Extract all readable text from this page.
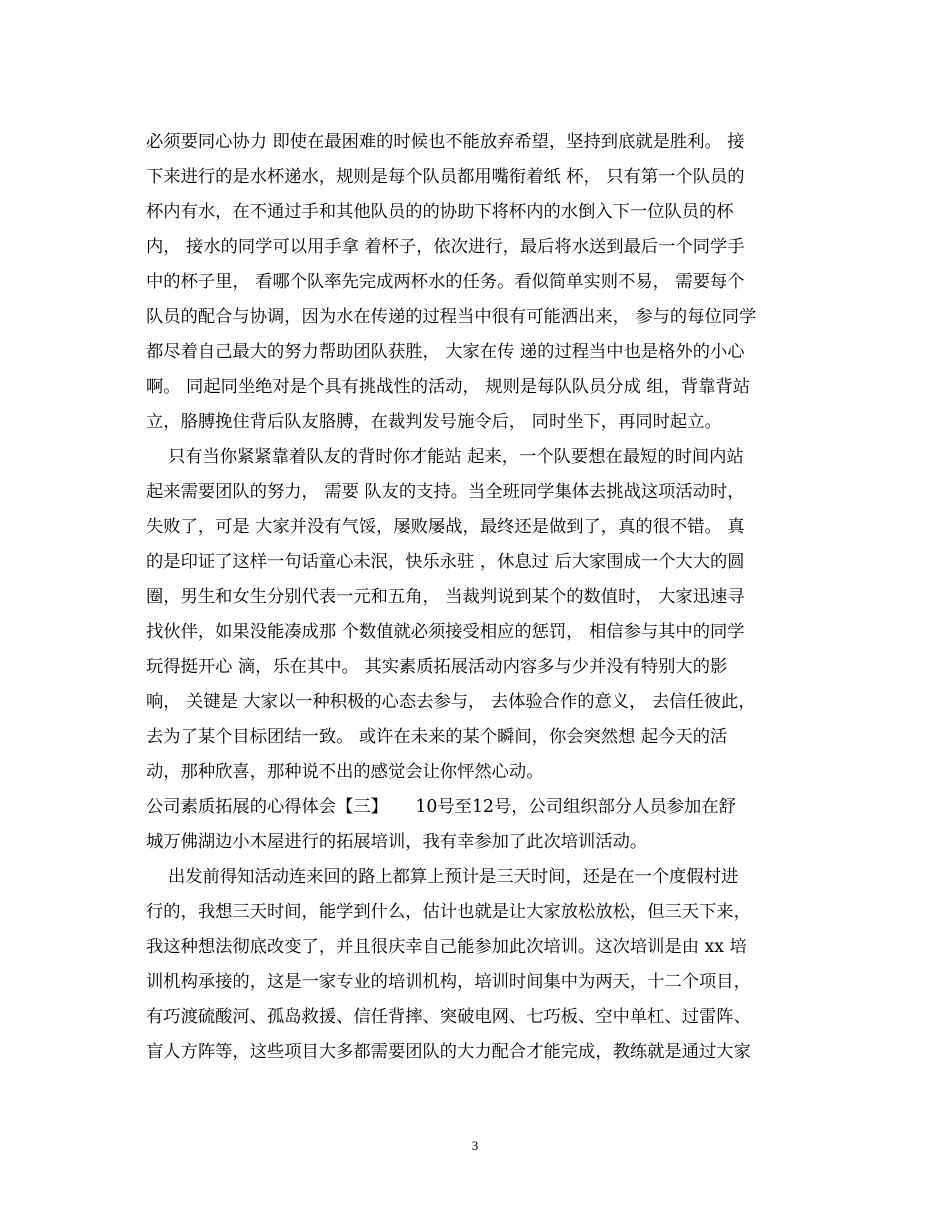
必须要同心协力 即使在最困难的时候也不能放弃希望，坚持到底就是胜利。 接
下来进行的是水杯递水，规则是每个队员都用嘴衔着纸 杯， 只有第一个队员的
杯内有水，在不通过手和其他队员的的协助下将杯内的水倒入下一位队员的杯
内， 接水的同学可以用手拿 着杯子，依次进行，最后将水送到最后一个同学手
中的杯子里， 看哪个队率先完成两杯水的任务。看似简单实则不易， 需要每个
队员的配合与协调，因为水在传递的过程当中很有可能洒出来， 参与的每位同学
都尽着自己最大的努力帮助团队获胜， 大家在传 递的过程当中也是格外的小心
啊。 同起同坐绝对是个具有挑战性的活动， 规则是每队队员分成 组，背靠背站
立，胳膊挽住背后队友胳膊，在裁判发号施令后， 同时坐下，再同时起立。
只有当你紧紧靠着队友的背时你才能站 起来，一个队要想在最短的时间内站
起来需要团队的努力， 需要 队友的支持。当全班同学集体去挑战这项活动时，
失败了，可是 大家并没有气馁，屡败屡战，最终还是做到了，真的很不错。 真
的是印证了这样一句话童心未泯，快乐永驻 ，休息过 后大家围成一个大大的圆
圈，男生和女生分别代表一元和五角， 当裁判说到某个的数值时， 大家迅速寻
找伙伴，如果没能凑成那 个数值就必须接受相应的惩罚， 相信参与其中的同学
玩得挺开心 滴，乐在其中。 其实素质拓展活动内容多与少并没有特别大的影
响， 关键是 大家以一种积极的心态去参与， 去体验合作的意义， 去信任彼此，
去为了某个目标团结一致。 或许在未来的某个瞬间，你会突然想 起今天的活
动，那种欣喜，那种说不出的感觉会让你怦然心动。
公司素质拓展的心得体会【三】     10号至12号，公司组织部分人员参加在舒
城万佛湖边小木屋进行的拓展培训，我有幸参加了此次培训活动。
出发前得知活动连来回的路上都算上预计是三天时间，还是在一个度假村进
行的，我想三天时间，能学到什么，估计也就是让大家放松放松，但三天下来，
我这种想法彻底改变了，并且很庆幸自己能参加此次培训。这次培训是由 xx 培
训机构承接的，这是一家专业的培训机构，培训时间集中为两天，十二个项目，
有巧渡硫酸河、孤岛救援、信任背摔、突破电网、七巧板、空中单杠、过雷阵、
盲人方阵等，这些项目大多都需要团队的大力配合才能完成，教练就是通过大家
3
